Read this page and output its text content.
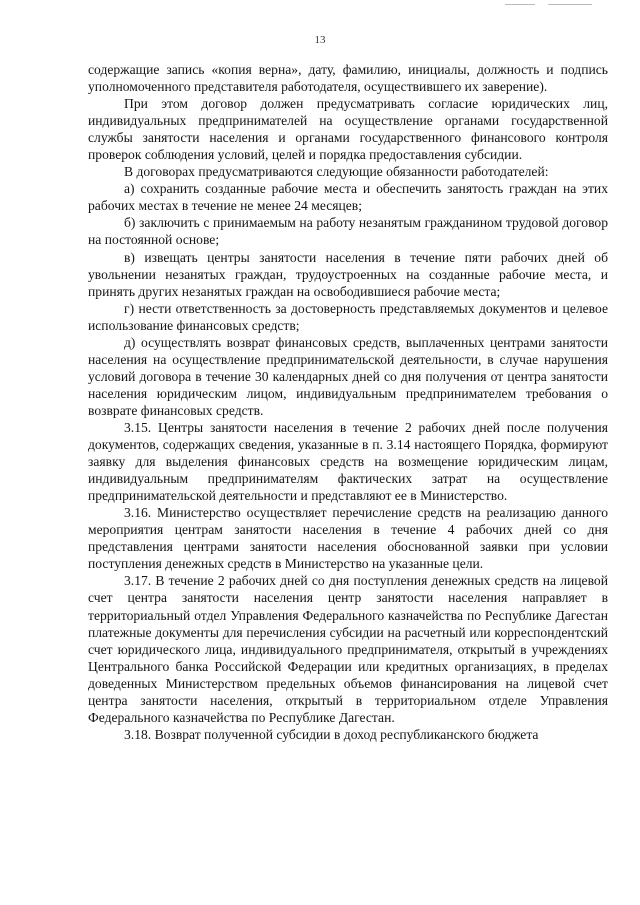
13

содержащие запись «копия верна», дату, фамилию, инициалы, должность и подпись уполномоченного представителя работодателя, осуществившего их заверение).

При этом договор должен предусматривать согласие юридических лиц, индивидуальных предпринимателей на осуществление органами государственной службы занятости населения и органами государственного финансового контроля проверок соблюдения условий, целей и порядка предоставления субсидии.

В договорах предусматриваются следующие обязанности работодателей:

а) сохранить созданные рабочие места и обеспечить занятость граждан на этих рабочих местах в течение не менее 24 месяцев;

б) заключить с принимаемым на работу незанятым гражданином трудовой договор на постоянной основе;

в) извещать центры занятости населения в течение пяти рабочих дней об увольнении незанятых граждан, трудоустроенных на созданные рабочие места, и принять других незанятых граждан на освободившиеся рабочие места;

г) нести ответственность за достоверность представляемых документов и целевое использование финансовых средств;

д) осуществлять возврат финансовых средств, выплаченных центрами занятости населения на осуществление предпринимательской деятельности, в случае нарушения условий договора в течение 30 календарных дней со дня получения от центра занятости населения юридическим лицом, индивидуальным предпринимателем требования о возврате финансовых средств.

3.15. Центры занятости населения в течение 2 рабочих дней после получения документов, содержащих сведения, указанные в п. 3.14 настоящего Порядка, формируют заявку для выделения финансовых средств на возмещение юридическим лицам, индивидуальным предпринимателям фактических затрат на осуществление предпринимательской деятельности и представляют ее в Министерство.

3.16. Министерство осуществляет перечисление средств на реализацию данного мероприятия центрам занятости населения в течение 4 рабочих дней со дня представления центрами занятости населения обоснованной заявки при условии поступления денежных средств в Министерство на указанные цели.

3.17. В течение 2 рабочих дней со дня поступления денежных средств на лицевой счет центра занятости населения центр занятости населения направляет в территориальный отдел Управления Федерального казначейства по Республике Дагестан платежные документы для перечисления субсидии на расчетный или корреспондентский счет юридического лица, индивидуального предпринимателя, открытый в учреждениях Центрального банка Российской Федерации или кредитных организациях, в пределах доведенных Министерством предельных объемов финансирования на лицевой счет центра занятости населения, открытый в территориальном отделе Управления Федерального казначейства по Республике Дагестан.

3.18. Возврат полученной субсидии в доход республиканского бюджета
